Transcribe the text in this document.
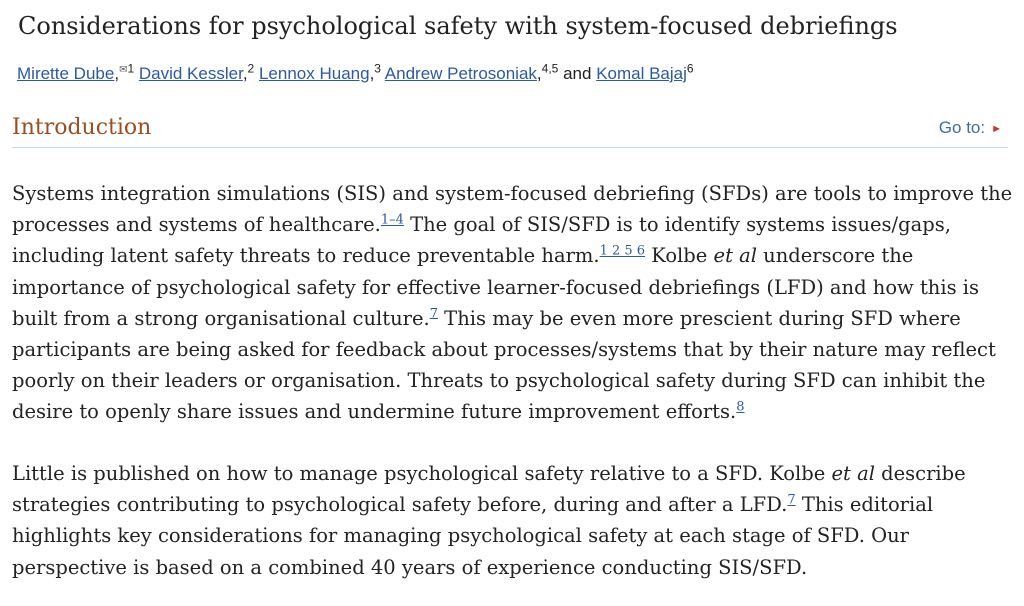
Considerations for psychological safety with system-focused debriefings
Mirette Dube,$^{✉1}$ David Kessler,$^2$ Lennox Huang,$^3$ Andrew Petrosoniak,$^{4,5}$ and Komal Bajaj$^6$
Introduction	Go to: ►
Systems integration simulations (SIS) and system-focused debriefing (SFDs) are tools to improve the processes and systems of healthcare.$^{1-4}$ The goal of SIS/SFD is to identify systems issues/gaps, including latent safety threats to reduce preventable harm.$^{1 2 5 6}$ Kolbe et al underscore the importance of psychological safety for effective learner-focused debriefings (LFD) and how this is built from a strong organisational culture.$^7$ This may be even more prescient during SFD where participants are being asked for feedback about processes/systems that by their nature may reflect poorly on their leaders or organisation. Threats to psychological safety during SFD can inhibit the desire to openly share issues and undermine future improvement efforts.$^8$
Little is published on how to manage psychological safety relative to a SFD. Kolbe et al describe strategies contributing to psychological safety before, during and after a LFD.$^7$ This editorial highlights key considerations for managing psychological safety at each stage of SFD. Our perspective is based on a combined 40 years of experience conducting SIS/SFD.
